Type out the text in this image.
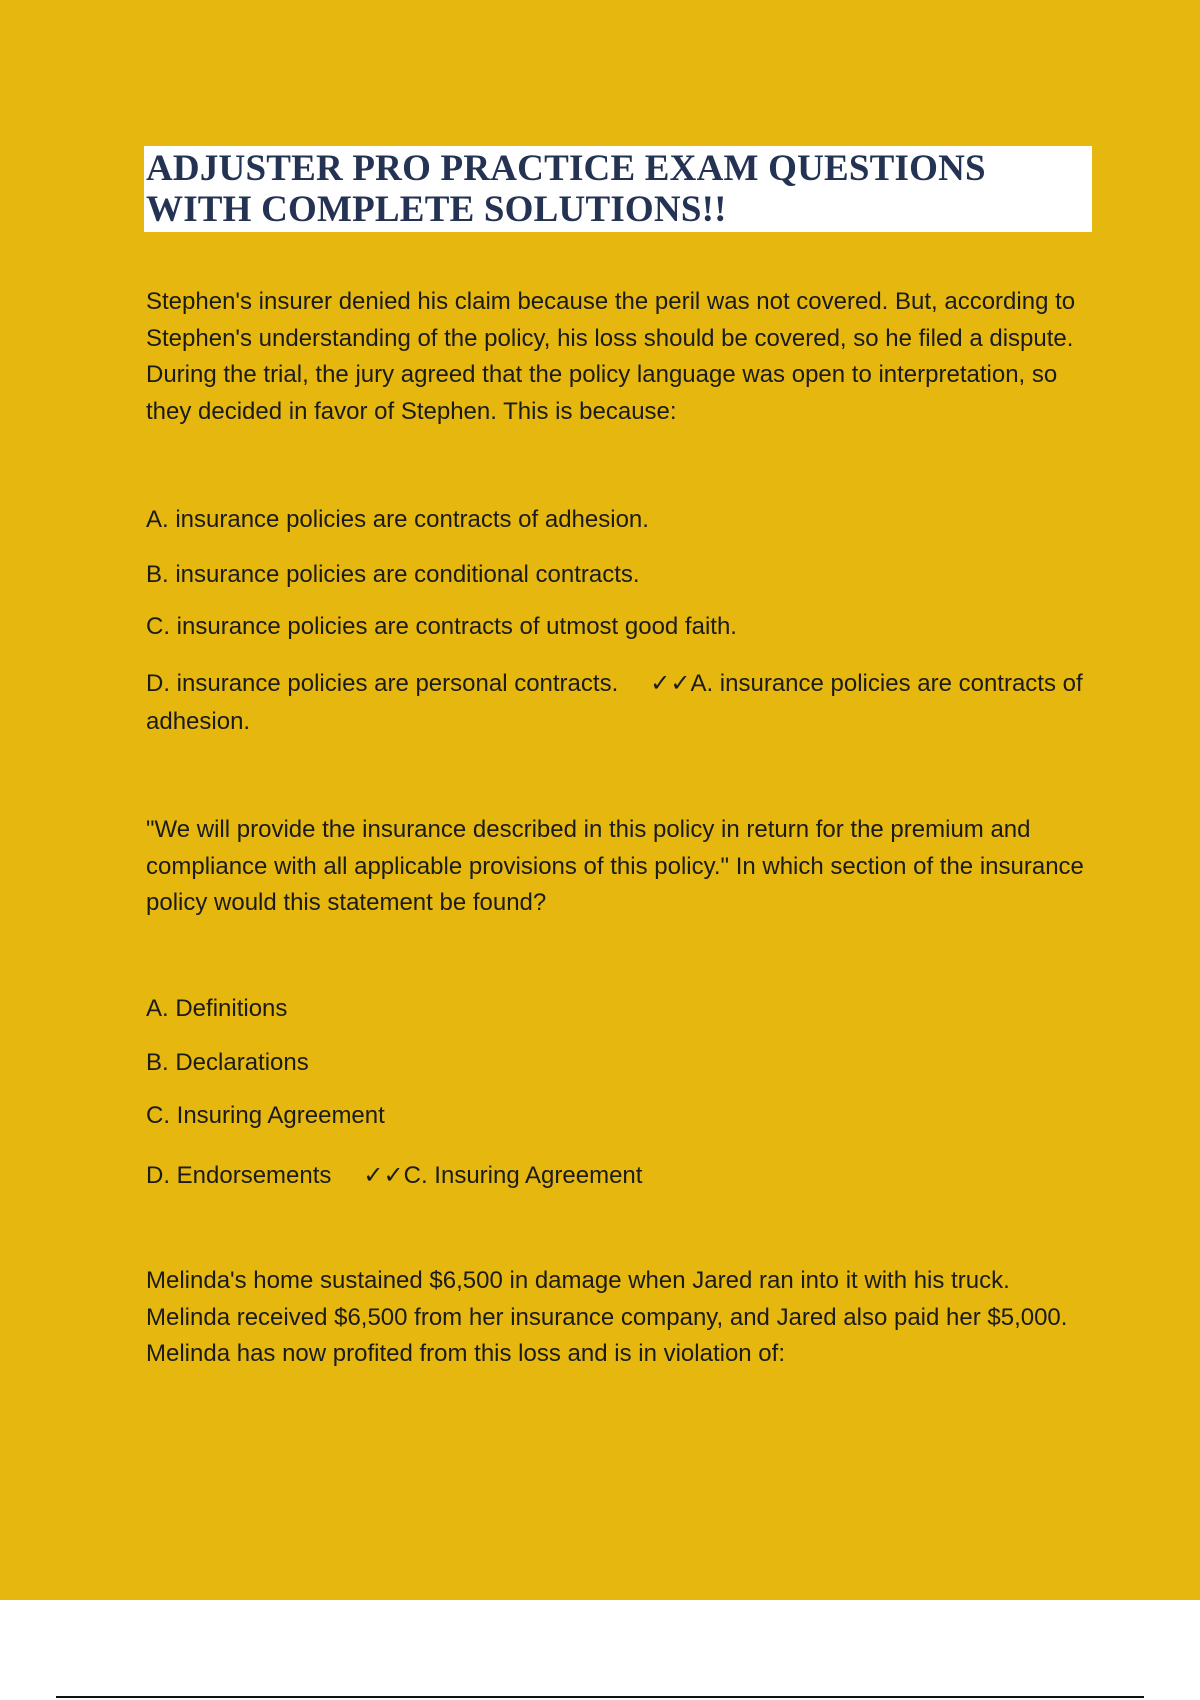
ADJUSTER PRO PRACTICE EXAM QUESTIONS WITH COMPLETE SOLUTIONS!!

Stephen's insurer denied his claim because the peril was not covered. But, according to Stephen's understanding of the policy, his loss should be covered, so he filed a dispute. During the trial, the jury agreed that the policy language was open to interpretation, so they decided in favor of Stephen. This is because:

A. insurance policies are contracts of adhesion.

B. insurance policies are conditional contracts.

C. insurance policies are contracts of utmost good faith.

D. insurance policies are personal contracts. ✓✓A. insurance policies are contracts of adhesion.

"We will provide the insurance described in this policy in return for the premium and compliance with all applicable provisions of this policy." In which section of the insurance policy would this statement be found?

A. Definitions

B. Declarations

C. Insuring Agreement

D. Endorsements ✓✓C. Insuring Agreement

Melinda's home sustained $6,500 in damage when Jared ran into it with his truck. Melinda received $6,500 from her insurance company, and Jared also paid her $5,000. Melinda has now profited from this loss and is in violation of:
